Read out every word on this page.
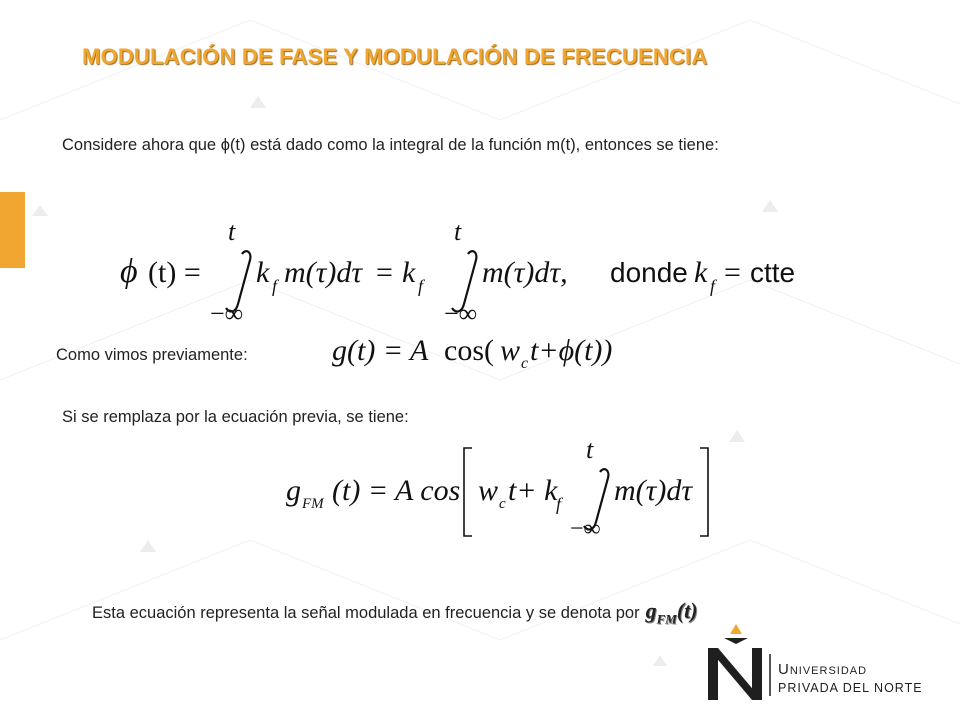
MODULACIÓN DE FASE Y MODULACIÓN DE FRECUENCIA
Considere ahora que ϕ(t) está dado como la integral de la función m(t), entonces se tiene:
ϕ (t) =
t
−∞
k f m(τ)dτ = k f
t
−∞
m(τ)dτ, donde k f = ctte
Como vimos previamente:	g(t) = A cos( w c t+ϕ(t))
Si se remplaza por la ecuación previa, se tiene:
g FM (t) = A cos w c t+ k
f
t
−∞
m(τ)dτ
Esta ecuación representa la señal modulada en frecuencia y se denota por $g_{FM}(t)$
Universidad
PRIVADA DEL NORTE
